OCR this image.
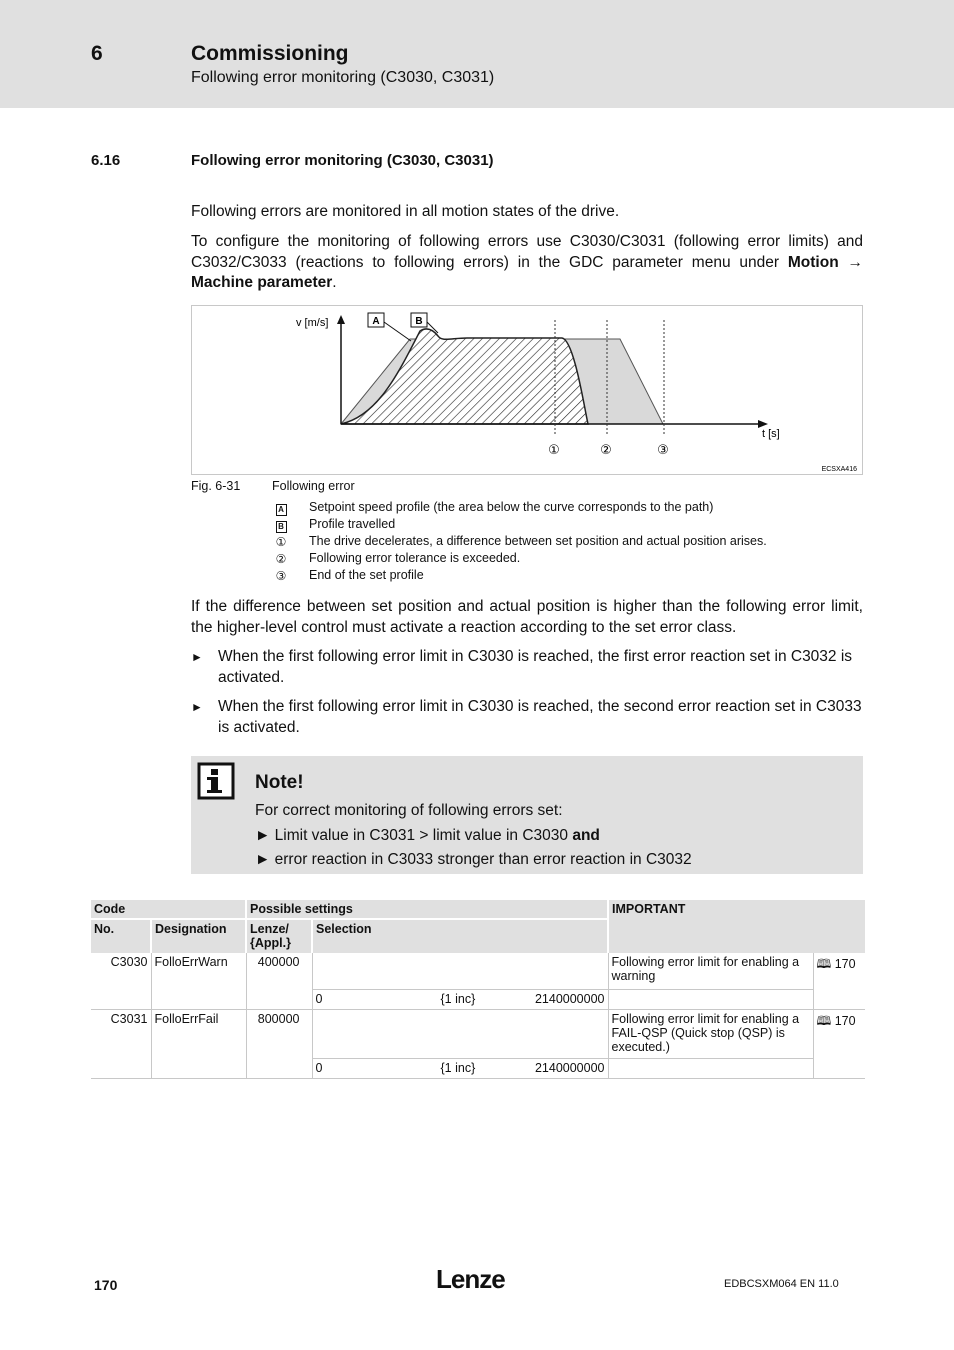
6	Commissioning
Following error monitoring (C3030, C3031)
6.16	Following error monitoring (C3030, C3031)
Following errors are monitored in all motion states of the drive.
To configure the monitoring of following errors use C3030/C3031 (following error limits) and C3032/C3033 (reactions to following errors) in the GDC parameter menu under Motion → Machine parameter.
A	B
v [m/s]
t [s]
①	②	③
ECSXA416
Fig. 6-31	Following error
A	Setpoint speed profile (the area below the curve corresponds to the path)
B	Profile travelled
① The drive decelerates, a difference between set position and actual position arises.
② Following error tolerance is exceeded.
③ End of the set profile
If the difference between set position and actual position is higher than the following error limit, the higher-level control must activate a reaction according to the set error class.
► When the first following error limit in C3030 is reached, the first error reaction set in C3032 is activated.
► When the first following error limit in C3030 is reached, the second error reaction set in C3033 is activated.
Note!
For correct monitoring of following errors set:
► Limit value in C3031 > limit value in C3030 and
► error reaction in C3033 stronger than error reaction in C3032
Code		Possible settings		IMPORTANT	
No.	Designation	Lenze/ {Appl.}	Selection		
C3030	FolloErrWarn	400000		Following error limit for enabling a warning	🕮 170

			0 {1 inc} 2140000000		

C3031	FolloErrFail	800000		Following error limit for enabling a FAIL-QSP (Quick stop (QSP) is executed.)	🕮 170

			0 {1 inc} 2140000000		

170	Lenze	EDBCSXM064 EN 11.0
